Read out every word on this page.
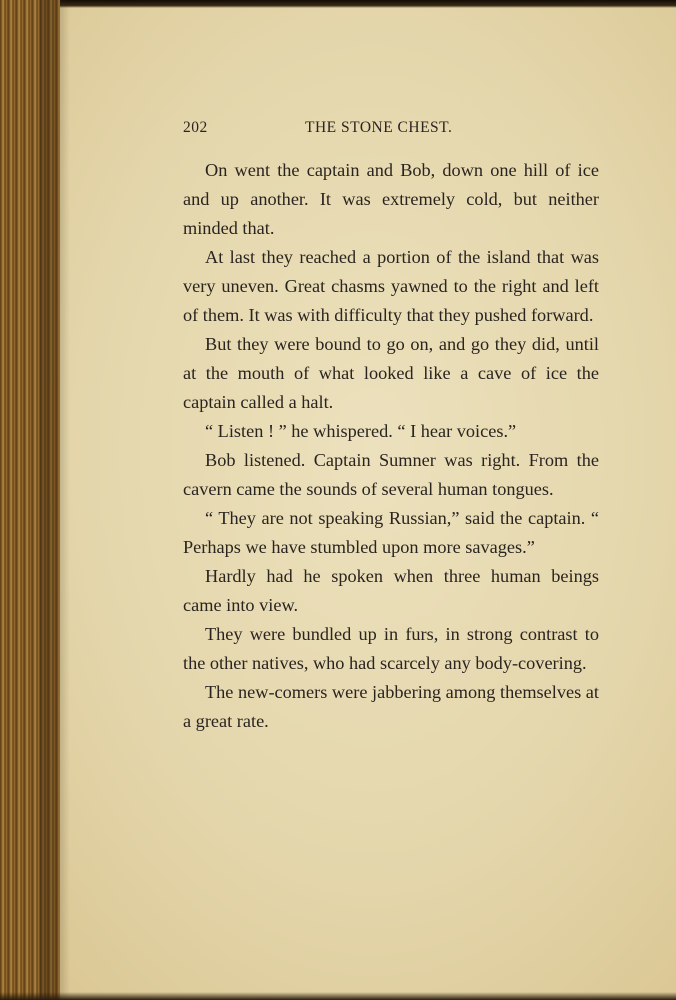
202	THE STONE CHEST.

On went the captain and Bob, down one hill of ice and up another. It was extremely cold, but neither minded that.

At last they reached a portion of the island that was very uneven. Great chasms yawned to the right and left of them. It was with difficulty that they pushed forward.

But they were bound to go on, and go they did, until at the mouth of what looked like a cave of ice the captain called a halt.

“ Listen ! ” he whispered. “ I hear voices.”

Bob listened. Captain Sumner was right. From the cavern came the sounds of several human tongues.

“ They are not speaking Russian,” said the captain. “ Perhaps we have stumbled upon more savages.”

Hardly had he spoken when three human beings came into view.

They were bundled up in furs, in strong contrast to the other natives, who had scarcely any body-covering.

The new-comers were jabbering among themselves at a great rate.
